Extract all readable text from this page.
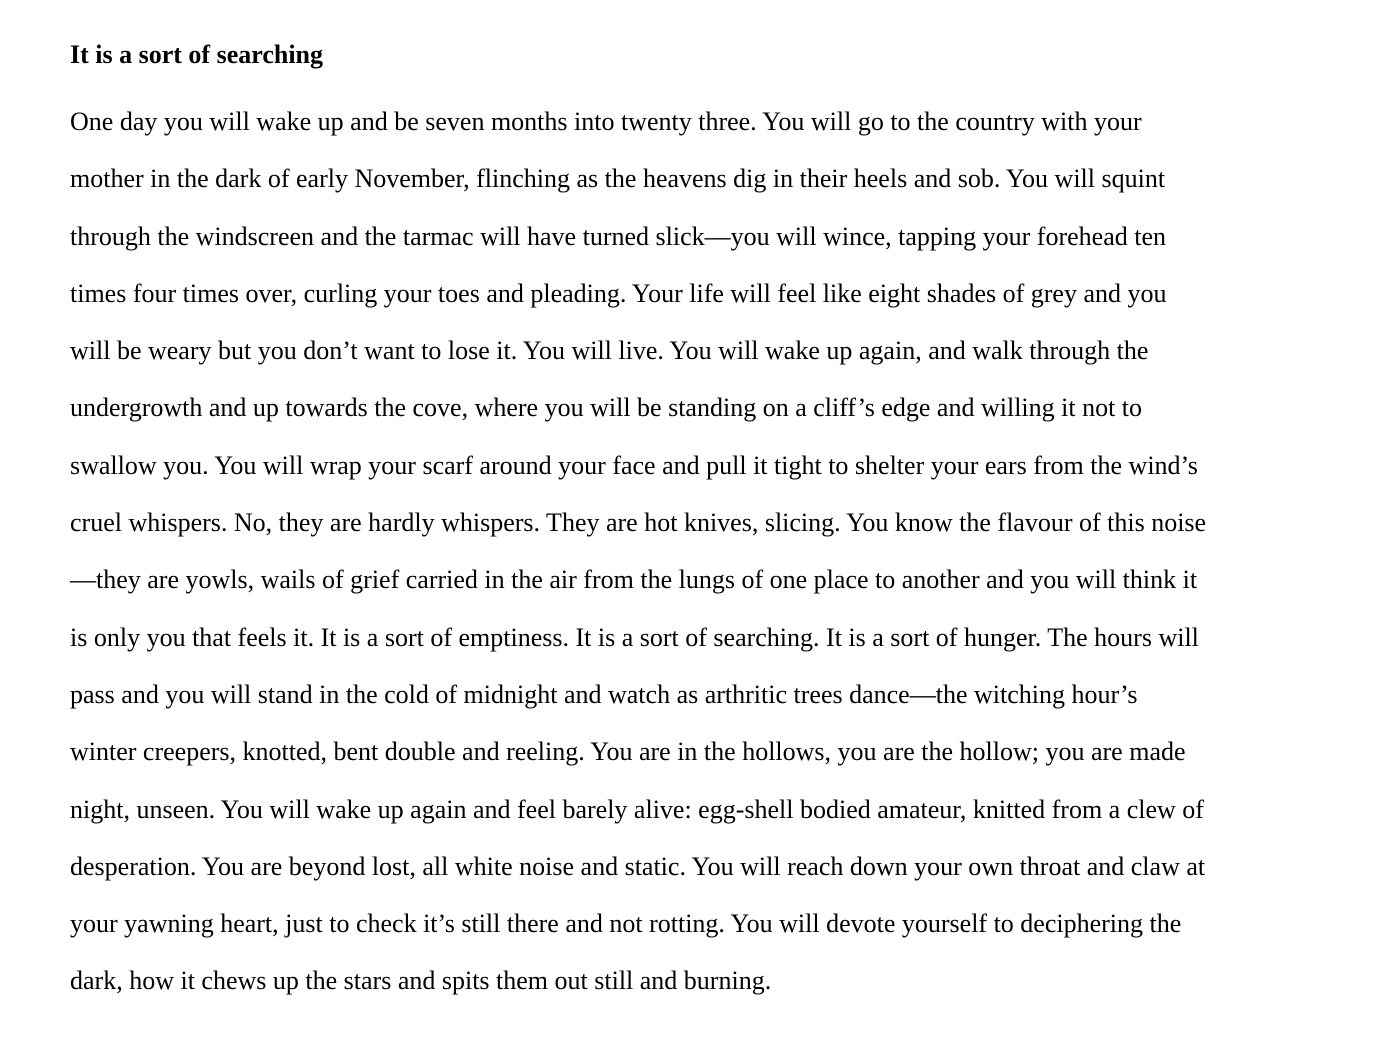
It is a sort of searching

One day you will wake up and be seven months into twenty three. You will go to the country with your
mother in the dark of early November, flinching as the heavens dig in their heels and sob. You will squint
through the windscreen and the tarmac will have turned slick—you will wince, tapping your forehead ten
times four times over, curling your toes and pleading. Your life will feel like eight shades of grey and you
will be weary but you don’t want to lose it. You will live. You will wake up again, and walk through the
undergrowth and up towards the cove, where you will be standing on a cliff’s edge and willing it not to
swallow you. You will wrap your scarf around your face and pull it tight to shelter your ears from the wind’s
cruel whispers. No, they are hardly whispers. They are hot knives, slicing. You know the flavour of this noise
—they are yowls, wails of grief carried in the air from the lungs of one place to another and you will think it
is only you that feels it. It is a sort of emptiness. It is a sort of searching. It is a sort of hunger. The hours will
pass and you will stand in the cold of midnight and watch as arthritic trees dance—the witching hour’s
winter creepers, knotted, bent double and reeling. You are in the hollows, you are the hollow; you are made
night, unseen. You will wake up again and feel barely alive: egg-shell bodied amateur, knitted from a clew of
desperation. You are beyond lost, all white noise and static. You will reach down your own throat and claw at
your yawning heart, just to check it’s still there and not rotting. You will devote yourself to deciphering the
dark, how it chews up the stars and spits them out still and burning.
